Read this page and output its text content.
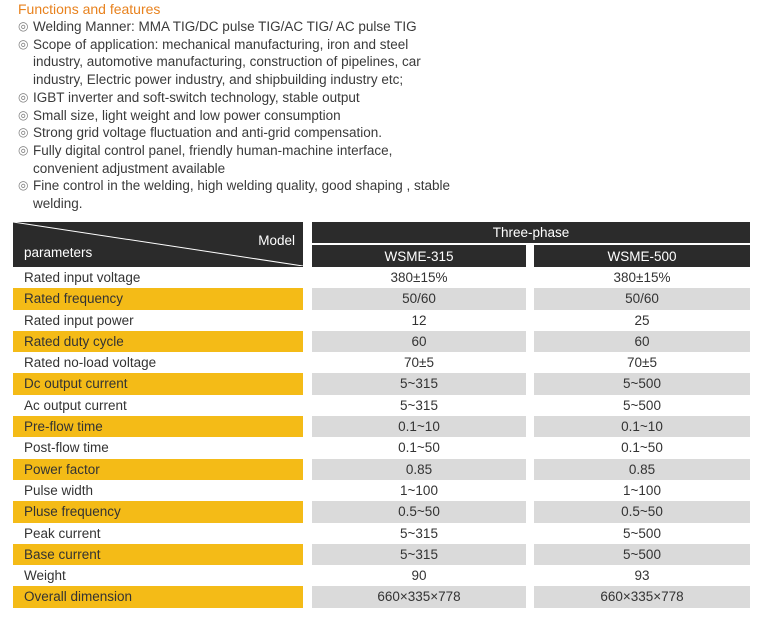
Functions and features
◎ Welding Manner: MMA TIG/DC pulse TIG/AC TIG/ AC pulse TIG
◎ Scope of application: mechanical manufacturing, iron and steel industry, automotive manufacturing, construction of pipelines, car industry, Electric power industry, and shipbuilding industry etc;
◎ IGBT inverter and soft-switch technology, stable output
◎ Small size, light weight and low power consumption
◎ Strong grid voltage fluctuation and anti-grid compensation.
◎ Fully digital control panel, friendly human-machine interface, convenient adjustment available
◎ Fine control in the welding, high welding quality, good shaping , stable welding.
Model
parameters		Three-phase		
		WSME-315		WSME-500
Rated input voltage		380±15%		380±15%
Rated frequency		50/60		50/60
Rated input power		12		25
Rated duty cycle		60		60
Rated no-load voltage		70±5		70±5
Dc output current		5~315		5~500
Ac output current		5~315		5~500
Pre-flow time		0.1~10		0.1~10
Post-flow time		0.1~50		0.1~50
Power factor		0.85		0.85
Pulse width		1~100		1~100
Pluse frequency		0.5~50		0.5~50
Peak current		5~315		5~500
Base current		5~315		5~500
Weight		90		93
Overall dimension		660×335×778		660×335×778
